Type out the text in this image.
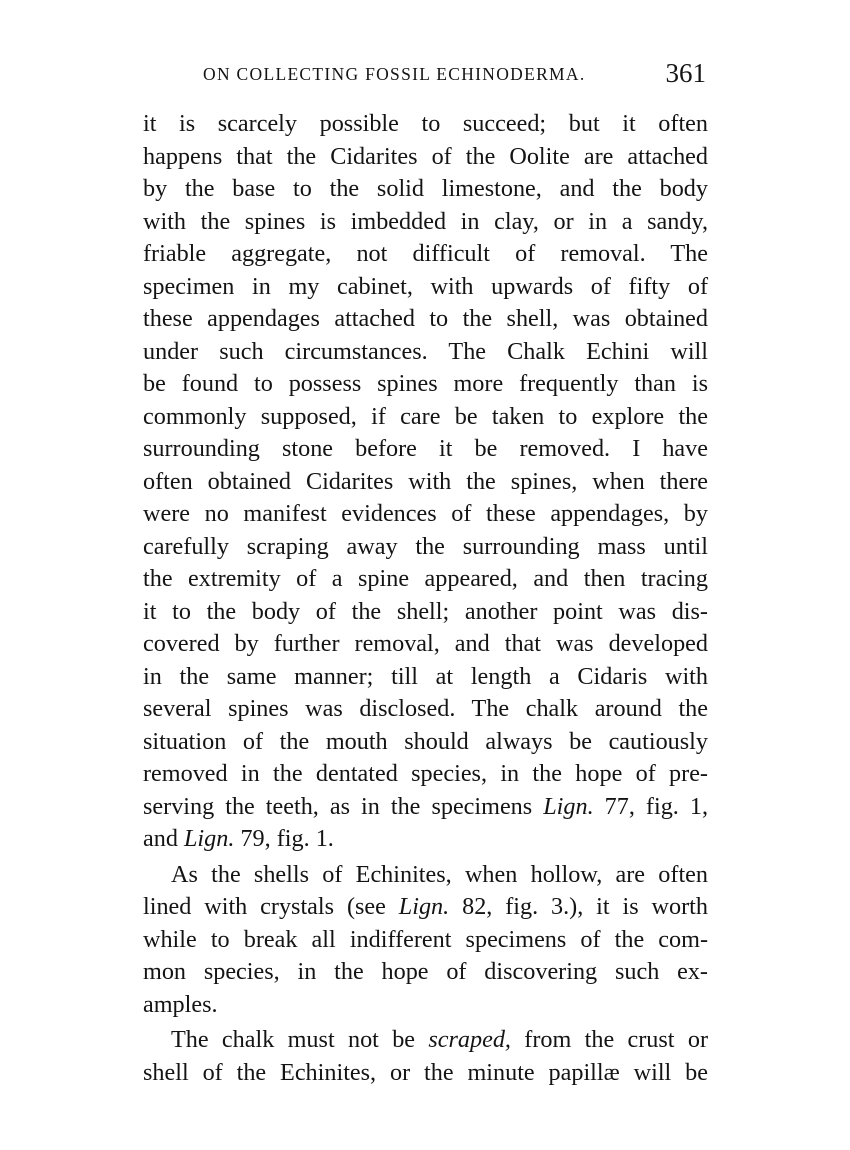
ON COLLECTING FOSSIL ECHINODERMA.	361
it is scarcely possible to succeed; but it often
happens that the Cidarites of the Oolite are attached
by the base to the solid limestone, and the body
with the spines is imbedded in clay, or in a sandy,
friable aggregate, not difficult of removal. The
specimen in my cabinet, with upwards of fifty of
these appendages attached to the shell, was obtained
under such circumstances. The Chalk Echini will
be found to possess spines more frequently than is
commonly supposed, if care be taken to explore the
surrounding stone before it be removed. I have
often obtained Cidarites with the spines, when there
were no manifest evidences of these appendages, by
carefully scraping away the surrounding mass until
the extremity of a spine appeared, and then tracing
it to the body of the shell; another point was dis-
covered by further removal, and that was developed
in the same manner; till at length a Cidaris with
several spines was disclosed. The chalk around the
situation of the mouth should always be cautiously
removed in the dentated species, in the hope of pre-
serving the teeth, as in the specimens Lign. 77, fig. 1,
and Lign. 79, fig. 1.
As the shells of Echinites, when hollow, are often
lined with crystals (see Lign. 82, fig. 3.), it is worth
while to break all indifferent specimens of the com-
mon species, in the hope of discovering such ex-
amples.
The chalk must not be scraped, from the crust or
shell of the Echinites, or the minute papillæ will be
